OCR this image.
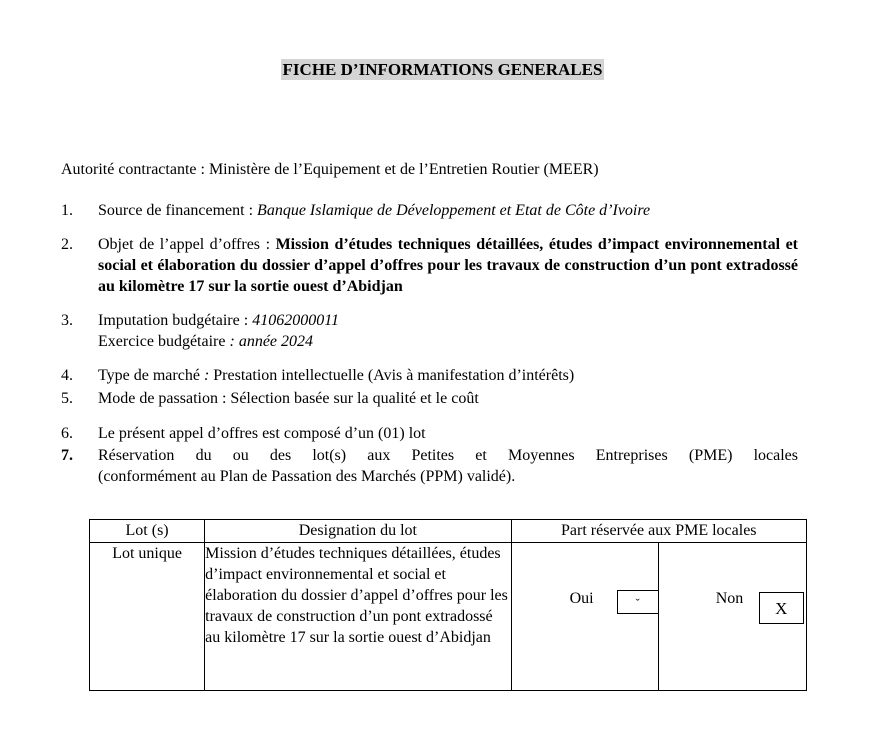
FICHE D’INFORMATIONS GENERALES
Autorité contractante : Ministère de l’Equipement et de l’Entretien Routier (MEER)
1.	Source de financement : Banque Islamique de Développement et Etat de Côte d’Ivoire
2.	Objet de l’appel d’offres : Mission d’études techniques détaillées, études d’impact environnemental et social et élaboration du dossier d’appel d’offres pour les travaux de construction d’un pont extradossé au kilomètre 17 sur la sortie ouest d’Abidjan
3.	Imputation budgétaire : 41062000011
Exercice budgétaire : année 2024
4.	Type de marché : Prestation intellectuelle (Avis à manifestation d’intérêts)
5.	Mode de passation : Sélection basée sur la qualité et le coût
6.	Le présent appel d’offres est composé d’un (01) lot
7.	Réservation du ou des lot(s) aux Petites et Moyennes Entreprises (PME) locales
(conformément au Plan de Passation des Marchés (PPM) validé).
Lot (s)	Designation du lot	Part réservée aux PME locales	
Lot unique	Mission d’études techniques détaillées, études d’impact environnemental et social et élaboration du dossier d’appel d’offres pour les travaux de construction d’un pont extradossé au kilomètre 17 sur la sortie ouest d’Abidjan	Oui ˇ	Non
X
